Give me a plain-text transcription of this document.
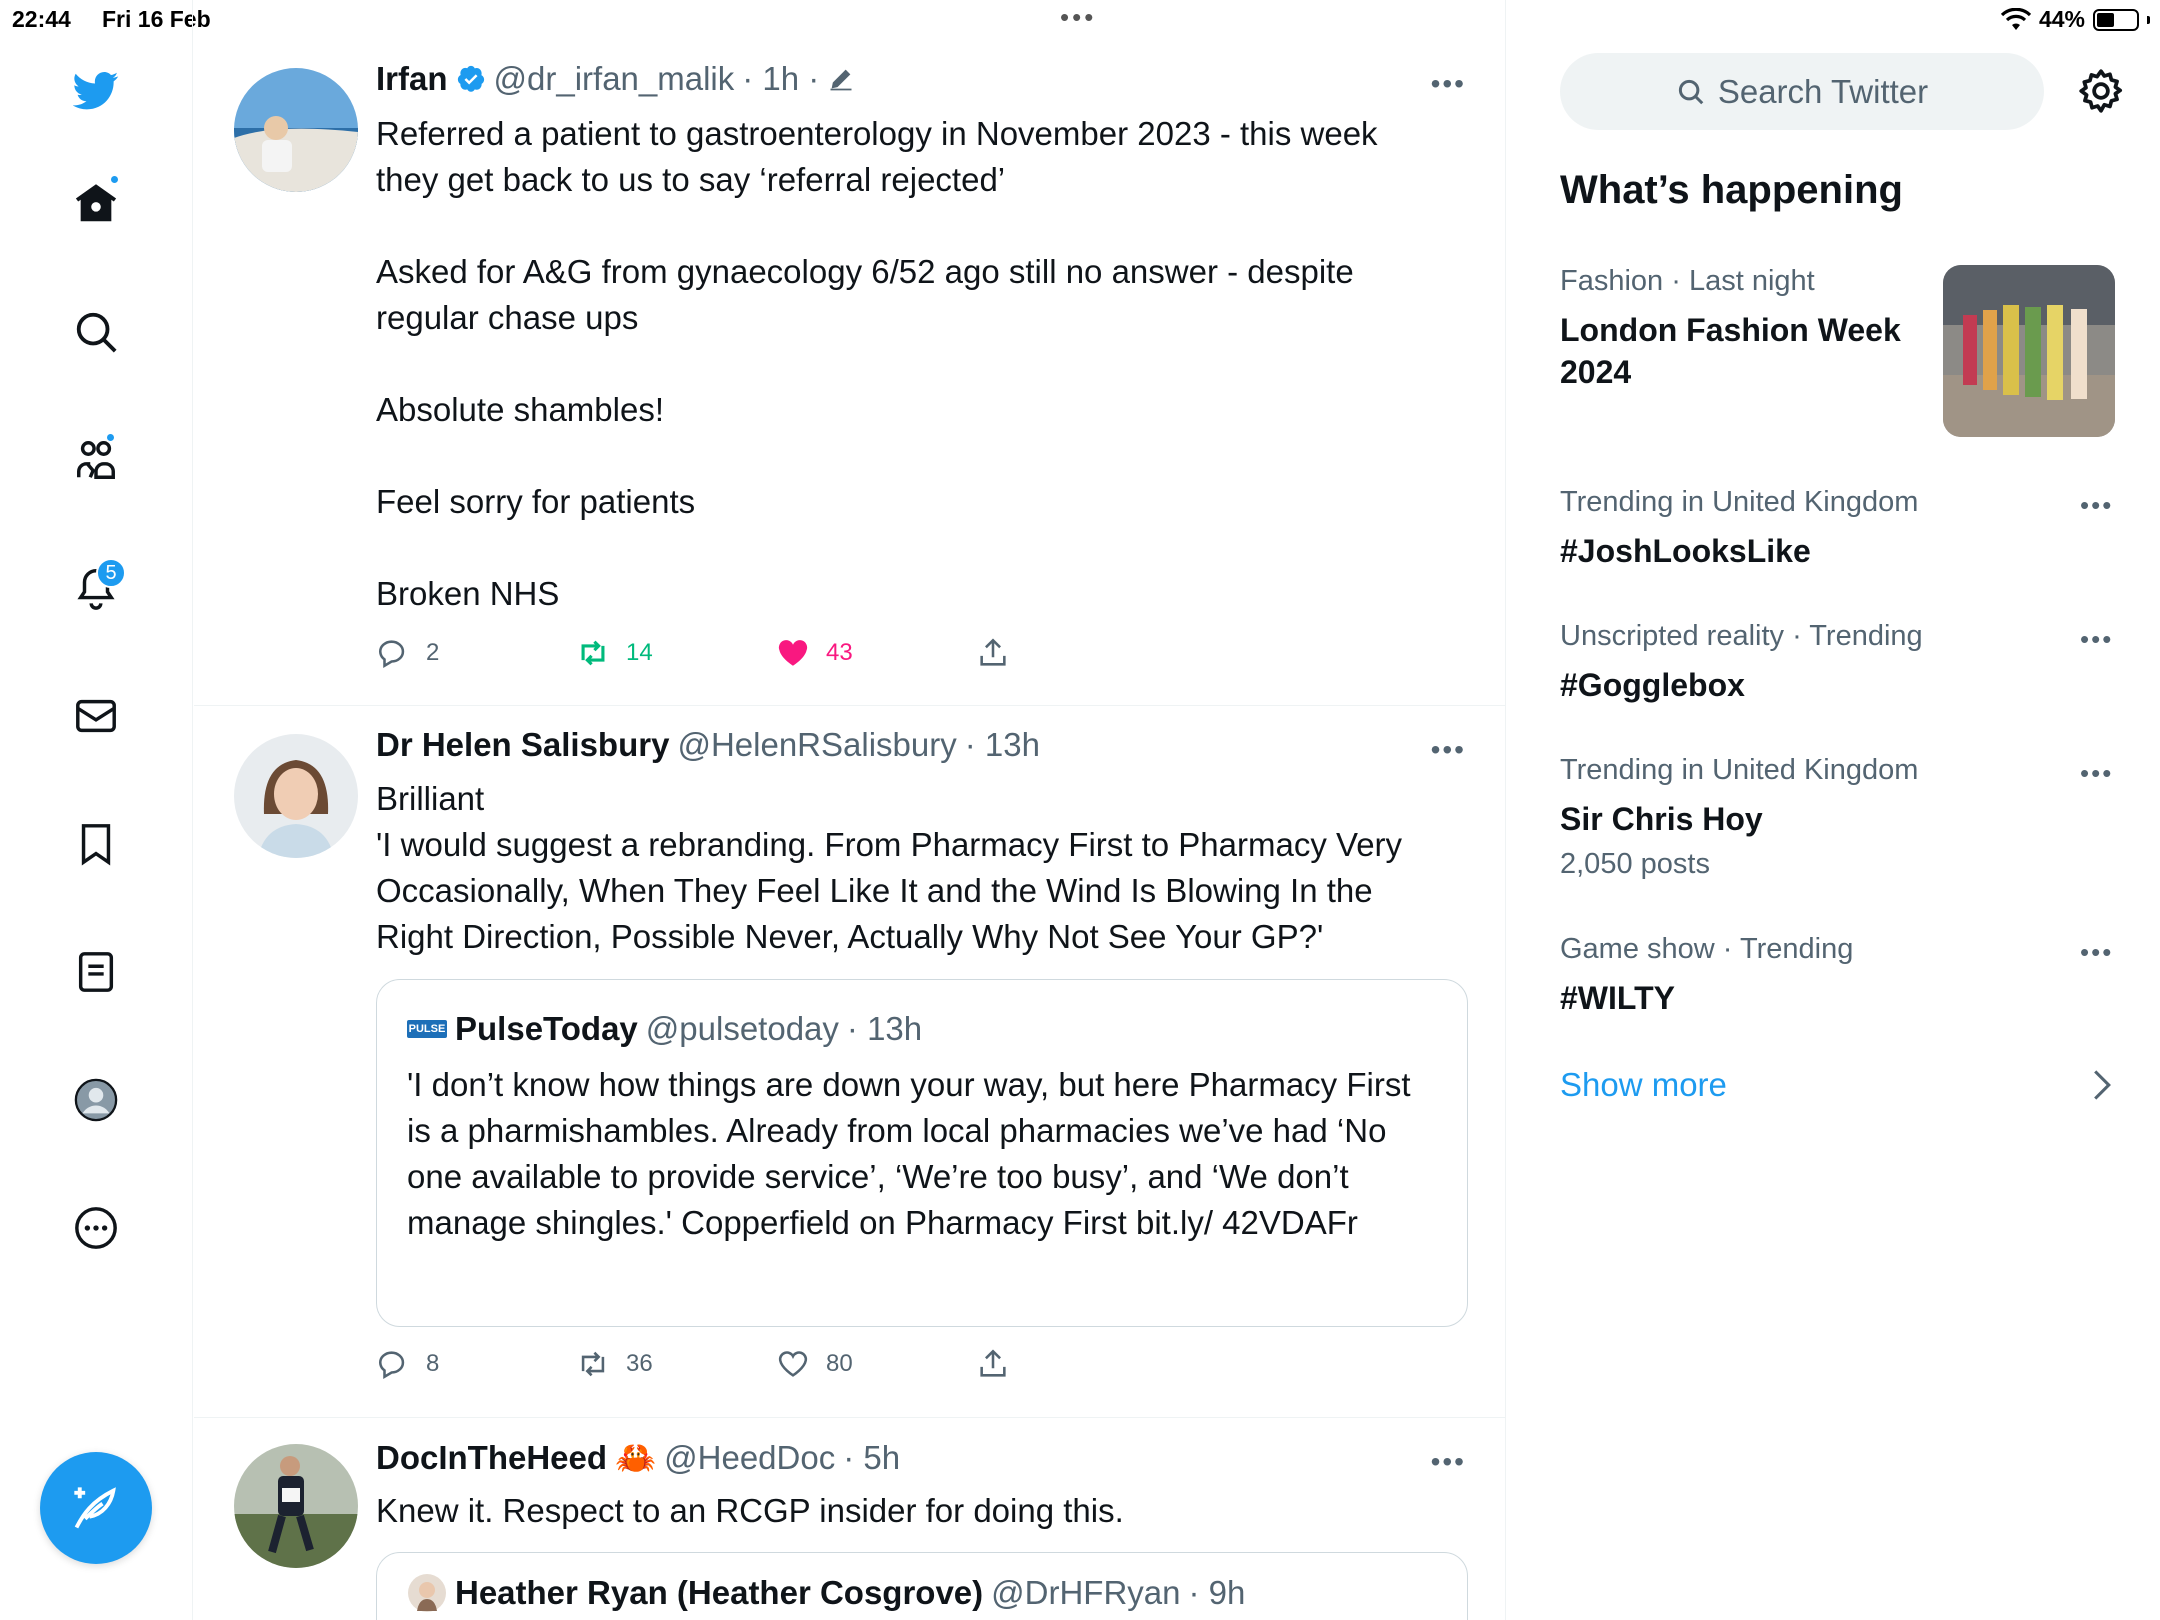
22:44 Fri 16 Feb	•••	44%
5
Irfan @dr_irfan_malik · 1h ·	•••
Referred a patient to gastroenterology in November 2023 - this week they get back to us to say ‘referral rejected’

Asked for A&G from gynaecology 6/52 ago still no answer - despite regular chase ups

Absolute shambles!

Feel sorry for patients

Broken NHS
2	14	43
Dr Helen Salisbury @HelenRSalisbury · 13h	•••
Brilliant
'I would suggest a rebranding. From Pharmacy First to Pharmacy Very Occasionally, When They Feel Like It and the Wind Is Blowing In the Right Direction, Possible Never, Actually Why Not See Your GP?'
PULSE PulseToday @pulsetoday · 13h
'I don’t know how things are down your way, but here Pharmacy First is a pharmishambles. Already from local pharmacies we’ve had ‘No one available to provide service’, ‘We’re too busy’, and ‘We don’t manage shingles.' Copperfield on Pharmacy First bit.ly/ 42VDAFr
8	36	80
DocInTheHeed 🦀 @HeedDoc · 5h	•••
Knew it. Respect to an RCGP insider for doing this.
Heather Ryan (Heather Cosgrove) @DrHFRyan · 9h
Search Twitter
What’s happening
Fashion · Last night
London Fashion Week 2024
Trending in United Kingdom
#JoshLooksLike
•••
Unscripted reality · Trending
#Gogglebox
•••
Trending in United Kingdom
Sir Chris Hoy
2,050 posts
•••
Game show · Trending
#WILTY
•••
Show more
